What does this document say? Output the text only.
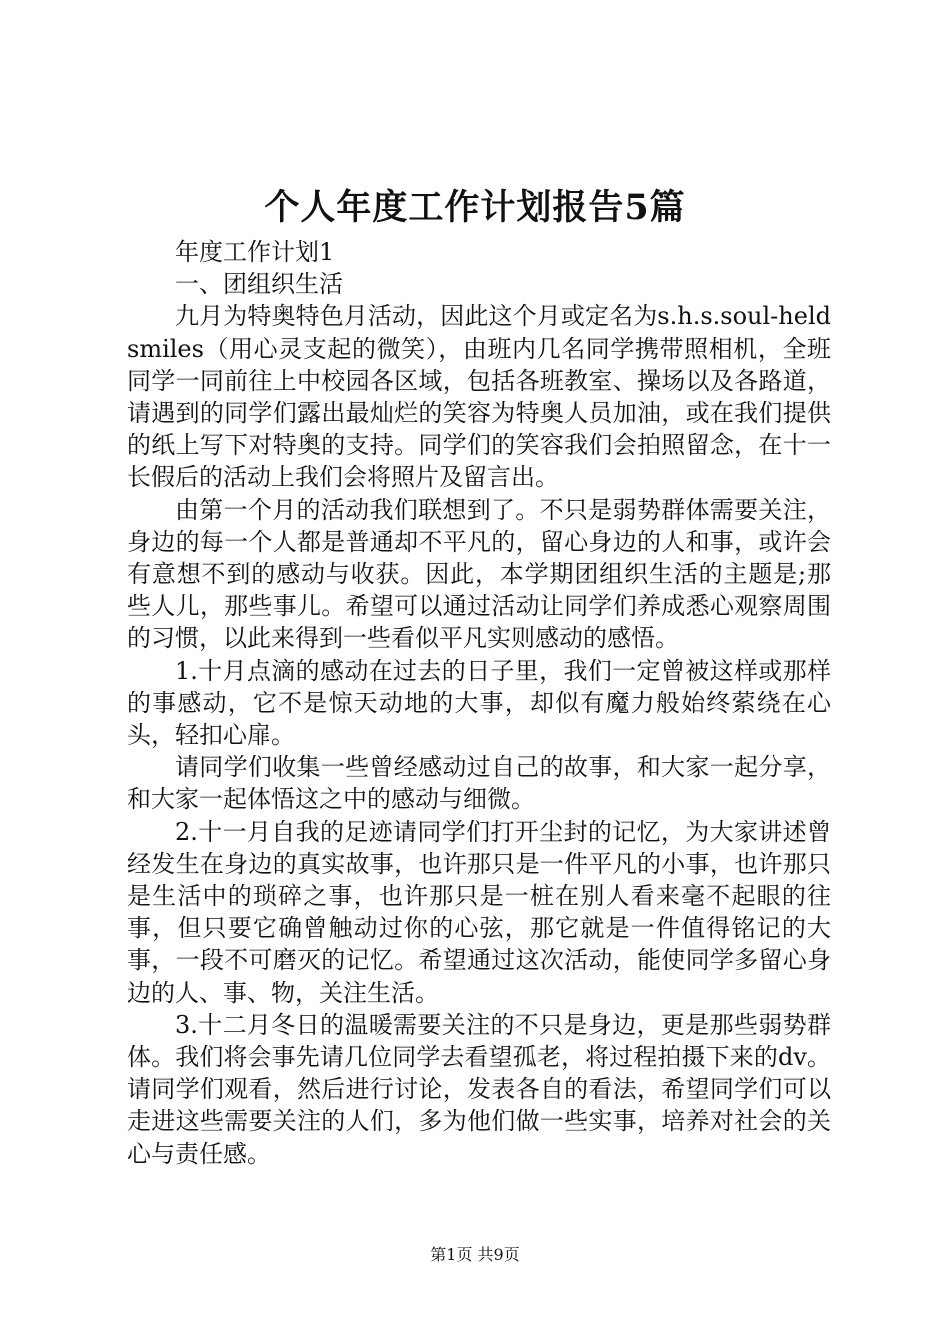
个人年度工作计划报告5篇

年度工作计划1

一、团组织生活

九月为特奥特色月活动，因此这个月或定名为s.h.s.soul-heldsmiles（用心灵支起的微笑），由班内几名同学携带照相机，全班同学一同前往上中校园各区域，包括各班教室、操场以及各路道，请遇到的同学们露出最灿烂的笑容为特奥人员加油，或在我们提供的纸上写下对特奥的支持。同学们的笑容我们会拍照留念，在十一长假后的活动上我们会将照片及留言出。

由第一个月的活动我们联想到了。不只是弱势群体需要关注，身边的每一个人都是普通却不平凡的，留心身边的人和事，或许会有意想不到的感动与收获。因此，本学期团组织生活的主题是;那些人儿，那些事儿。希望可以通过活动让同学们养成悉心观察周围的习惯，以此来得到一些看似平凡实则感动的感悟。

1.十月点滴的感动在过去的日子里，我们一定曾被这样或那样的事感动，它不是惊天动地的大事，却似有魔力般始终萦绕在心头，轻扣心扉。

请同学们收集一些曾经感动过自己的故事，和大家一起分享，和大家一起体悟这之中的感动与细微。

2.十一月自我的足迹请同学们打开尘封的记忆，为大家讲述曾经发生在身边的真实故事，也许那只是一件平凡的小事，也许那只是生活中的琐碎之事，也许那只是一桩在别人看来毫不起眼的往事，但只要它确曾触动过你的心弦，那它就是一件值得铭记的大事，一段不可磨灭的记忆。希望通过这次活动，能使同学多留心身边的人、事、物，关注生活。

3.十二月冬日的温暖需要关注的不只是身边，更是那些弱势群体。我们将会事先请几位同学去看望孤老，将过程拍摄下来的dv。请同学们观看，然后进行讨论，发表各自的看法，希望同学们可以走进这些需要关注的人们，多为他们做一些实事，培养对社会的关心与责任感。

第1页 共9页
